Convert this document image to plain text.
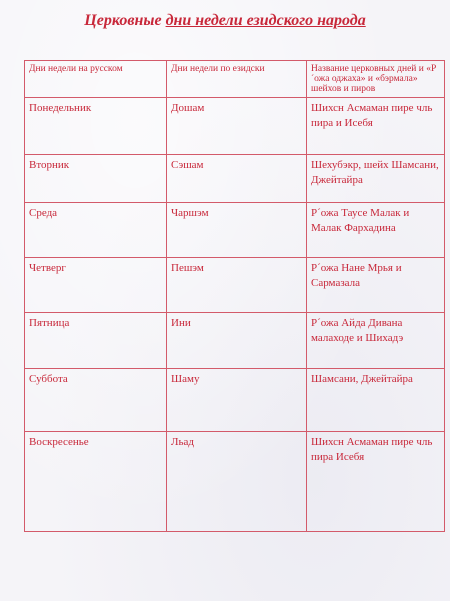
Церковные дни недели езидского народа
Дни недели на русском	Дни недели по езидски	Название церковных дней и «Р´ожа оджаха» и «бэрмала» шейхов и пиров
Понедельник	Дошам	Шихсн Асмаман пире чль пира и Исебя
Вторник	Сэшам	Шехубэкр, шейх Шамсани, Джейтайра
Среда	Чаршэм	Р´ожа Таусе Малак и Малак Фархадина
Четверг	Пешэм	Р´ожа Нане Мрья и Сармазала
Пятница	Ини	Р´ожа Айда Дивана малаходе и Шихадэ
Суббота	Шаму	Шамсани, Джейтайра
Воскресенье	Льад	Шихсн Асмаман пире чль пира Исебя
